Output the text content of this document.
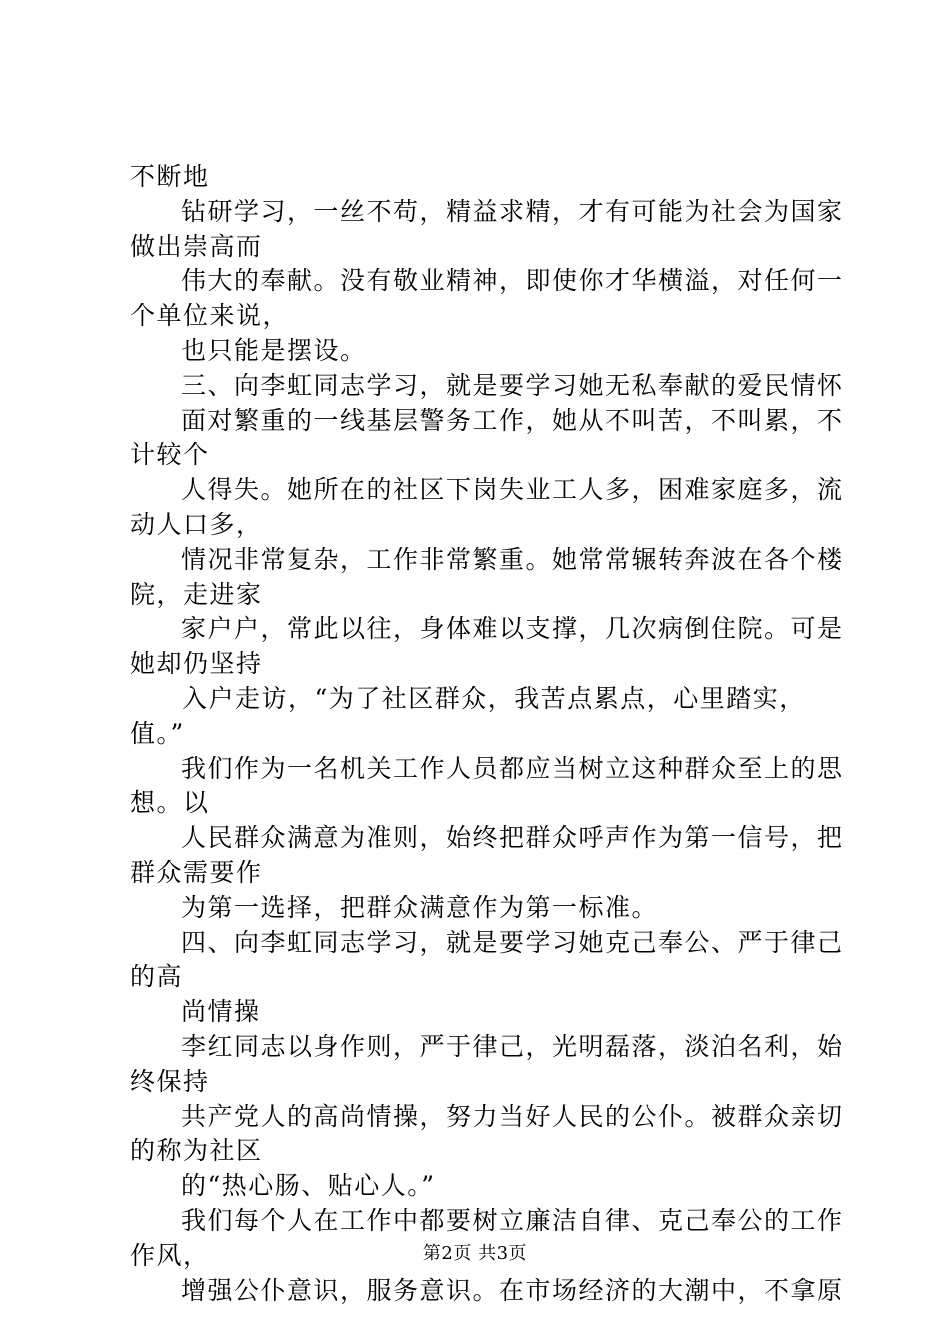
不断地
钻研学习，一丝不苟，精益求精，才有可能为社会为国家
做出崇高而
伟大的奉献。没有敬业精神，即使你才华横溢，对任何一
个单位来说，
也只能是摆设。
三、向李虹同志学习，就是要学习她无私奉献的爱民情怀
面对繁重的一线基层警务工作，她从不叫苦，不叫累，不
计较个
人得失。她所在的社区下岗失业工人多，困难家庭多，流
动人口多，
情况非常复杂，工作非常繁重。她常常辗转奔波在各个楼
院，走进家
家户户，常此以往，身体难以支撑，几次病倒住院。可是
她却仍坚持
入户走访，“为了社区群众，我苦点累点，心里踏实，
值。”
我们作为一名机关工作人员都应当树立这种群众至上的思
想。以
人民群众满意为准则，始终把群众呼声作为第一信号，把
群众需要作
为第一选择，把群众满意作为第一标准。
四、向李虹同志学习，就是要学习她克己奉公、严于律己
的高
尚情操
李红同志以身作则，严于律己，光明磊落，淡泊名利，始
终保持
共产党人的高尚情操，努力当好人民的公仆。被群众亲切
的称为社区
的“热心肠、贴心人。”
我们每个人在工作中都要树立廉洁自律、克己奉公的工作
作风，
增强公仆意识，服务意识。在市场经济的大潮中，不拿原
第2页 共3页
